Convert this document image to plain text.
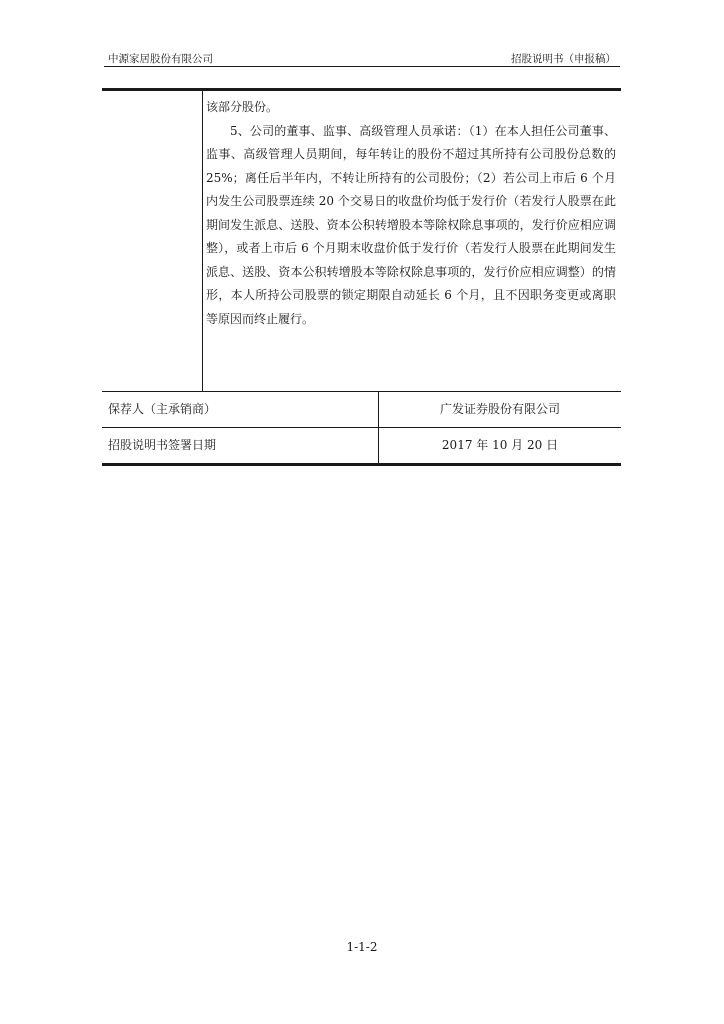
中源家居股份有限公司	招股说明书（申报稿）

该部分股份。

5、公司的董事、监事、高级管理人员承诺：（1）在本人担任公司董事、监事、高级管理人员期间，每年转让的股份不超过其所持有公司股份总数的25%；离任后半年内，不转让所持有的公司股份；（2）若公司上市后 6 个月内发生公司股票连续 20 个交易日的收盘价均低于发行价（若发行人股票在此期间发生派息、送股、资本公积转增股本等除权除息事项的，发行价应相应调整），或者上市后 6 个月期末收盘价低于发行价（若发行人股票在此期间发生派息、送股、资本公积转增股本等除权除息事项的，发行价应相应调整）的情形，本人所持公司股票的锁定期限自动延长 6 个月，且不因职务变更或离职等原因而终止履行。

保荐人（主承销商）	广发证券股份有限公司
招股说明书签署日期	2017 年 10 月 20 日
1-1-2
